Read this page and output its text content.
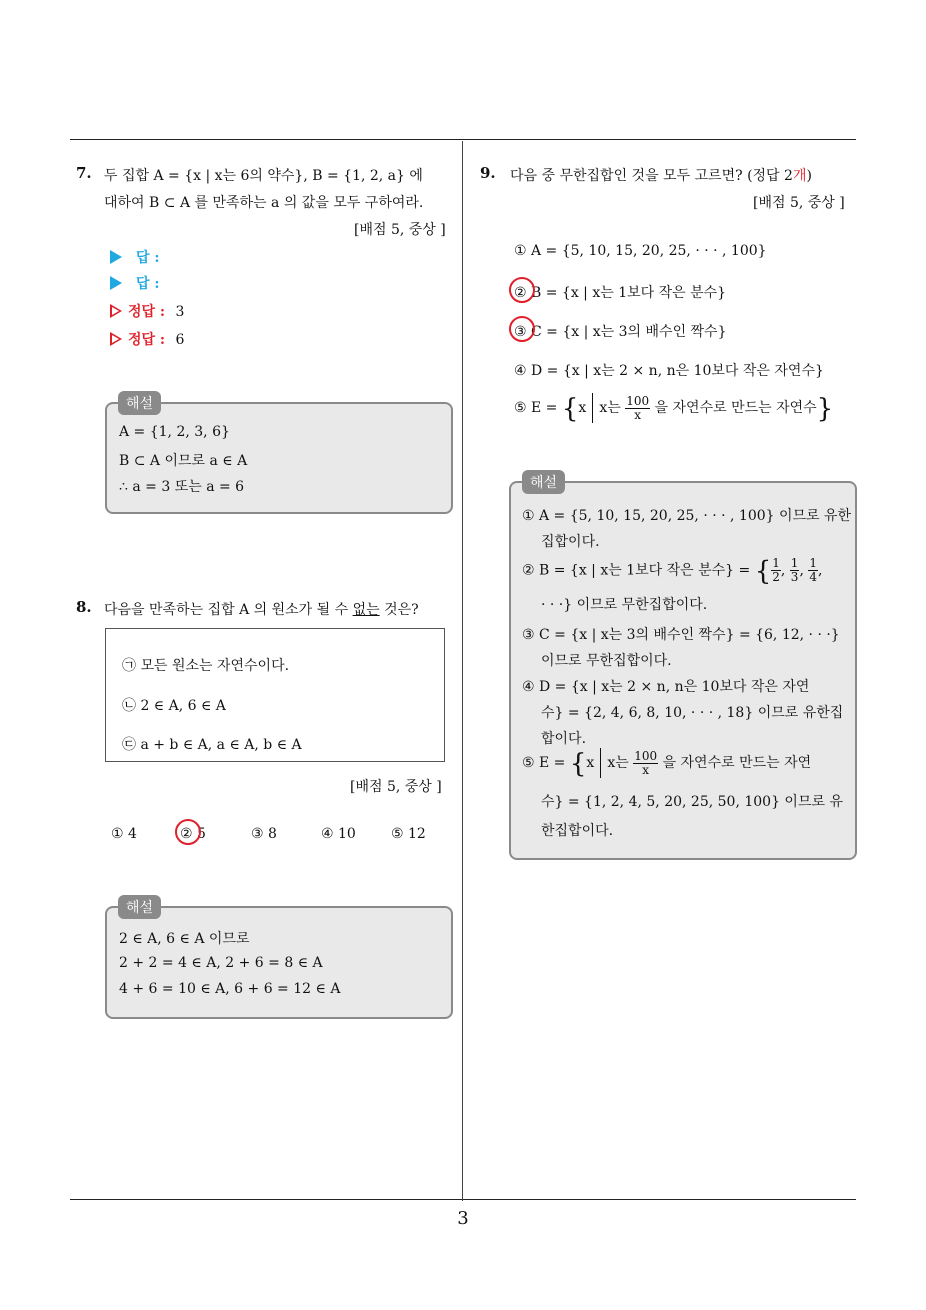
7. 두 집합 A = {x | x는 6의 약수}, B = {1, 2, a} 에
대하여 B ⊂ A 를 만족하는 a 의 값을 모두 구하여라.
[배점 5, 중상 ]
답 :
답 :
정답 : 3
정답 : 6
해설
A = {1, 2, 3, 6}
B ⊂ A 이므로 a ∈ A
∴ a = 3 또는 a = 6
8. 다음을 만족하는 집합 A 의 원소가 될 수 없는 것은?
㉠ 모든 원소는 자연수이다.
㉡ 2 ∈ A, 6 ∈ A
㉢ a + b ∈ A, a ∈ A, b ∈ A
[배점 5, 중상 ]
① 4	② 5	③ 8	④ 10	⑤ 12
해설
2 ∈ A, 6 ∈ A 이므로
2 + 2 = 4 ∈ A, 2 + 6 = 8 ∈ A
4 + 6 = 10 ∈ A, 6 + 6 = 12 ∈ A
9. 다음 중 무한집합인 것을 모두 고르면? (정답 2개)
[배점 5, 중상 ]
① A = {5, 10, 15, 20, 25, · · · , 100}
② B = {x | x는 1보다 작은 분수}
③ C = {x | x는 3의 배수인 짝수}
④ D = {x | x는 2 × n, n은 10보다 작은 자연수}
⑤ E = {x x는 $\frac{100}{x}$ 을 자연수로 만드는 자연수}
해설
① A = {5, 10, 15, 20, 25, · · · , 100} 이므로 유한
집합이다.
② B = {x | x는 1보다 작은 분수} = { $\frac{1}{2}$ , $\frac{1}{3}$ , $\frac{1}{4}$ ,
· · ·} 이므로 무한집합이다.
③ C = {x | x는 3의 배수인 짝수} = {6, 12, · · ·}
이므로 무한집합이다.
④ D = {x | x는 2 × n, n은 10보다 작은 자연
수} = {2, 4, 6, 8, 10, · · · , 18} 이므로 유한집
합이다.
⑤ E = {x x는 $\frac{100}{x}$ 을 자연수로 만드는 자연
수} = {1, 2, 4, 5, 20, 25, 50, 100} 이므로 유
한집합이다.
3
